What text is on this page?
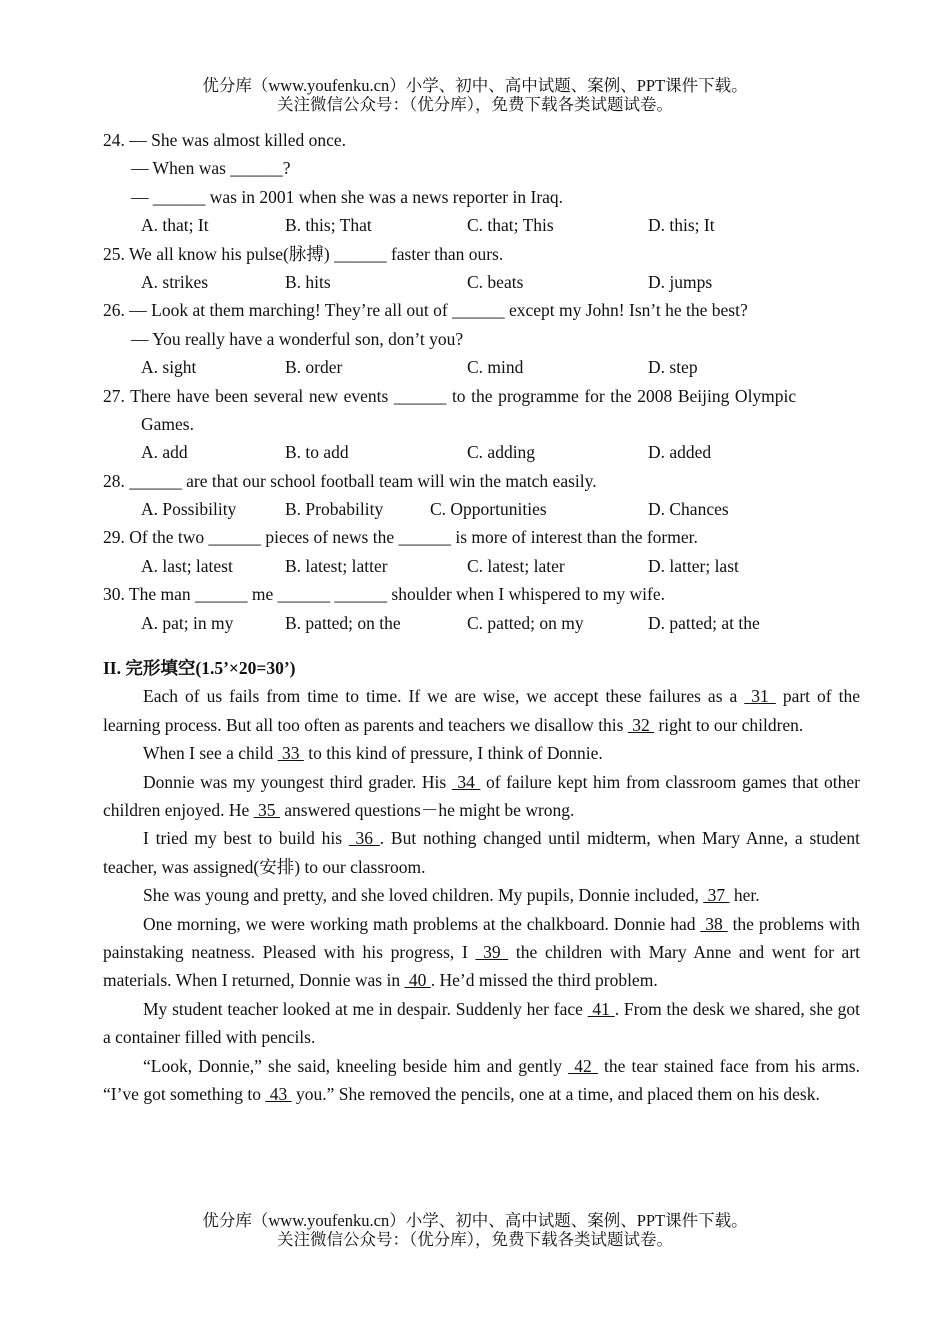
优分库（www.youfenku.cn）小学、初中、高中试题、案例、PPT课件下载。
关注微信公众号：（优分库），免费下载各类试题试卷。
24. — She was almost killed once.
— When was ______?
— ______ was in 2001 when she was a news reporter in Iraq.
A. that; It	B. this; That	C. that; This	D. this; It
25. We all know his pulse(脉搏) ______ faster than ours.
A. strikes	B. hits	C. beats	D. jumps
26. — Look at them marching! They’re all out of ______ except my John! Isn’t he the best?
— You really have a wonderful son, don’t you?
A. sight	B. order	C. mind	D. step
27. There have been several new events ______ to the programme for the 2008 Beijing Olympic
Games.
A. add	B. to add	C. adding	D. added
28. ______ are that our school football team will win the match easily.
A. Possibility	B. Probability	C. Opportunities	D. Chances
29. Of the two ______ pieces of news the ______ is more of interest than the former.
A. last; latest	B. latest; latter	C. latest; later	D. latter; last
30. The man ______ me ______ ______ shoulder when I whispered to my wife.
A. pat; in my	B. patted; on the	C. patted; on my	D. patted; at the
II. 完形填空(1.5’×20=30’)

Each of us fails from time to time. If we are wise, we accept these failures as a  31  part of the learning process. But all too often as parents and teachers we disallow this  32  right to our children.

When I see a child  33  to this kind of pressure, I think of Donnie.

Donnie was my youngest third grader. His  34  of failure kept him from classroom games that other children enjoyed. He  35  answered questions－he might be wrong.

I tried my best to build his  36 . But nothing changed until midterm, when Mary Anne, a student teacher, was assigned(安排) to our classroom.

She was young and pretty, and she loved children. My pupils, Donnie included,  37  her.

One morning, we were working math problems at the chalkboard. Donnie had  38  the problems with painstaking neatness. Pleased with his progress, I  39  the children with Mary Anne and went for art materials. When I returned, Donnie was in  40 . He’d missed the third problem.

My student teacher looked at me in despair. Suddenly her face  41 . From the desk we shared, she got a container filled with pencils.

“Look, Donnie,” she said, kneeling beside him and gently  42  the tear stained face from his arms. “I’ve got something to  43  you.” She removed the pencils, one at a time, and placed them on his desk.

优分库（www.youfenku.cn）小学、初中、高中试题、案例、PPT课件下载。
关注微信公众号：（优分库），免费下载各类试题试卷。
